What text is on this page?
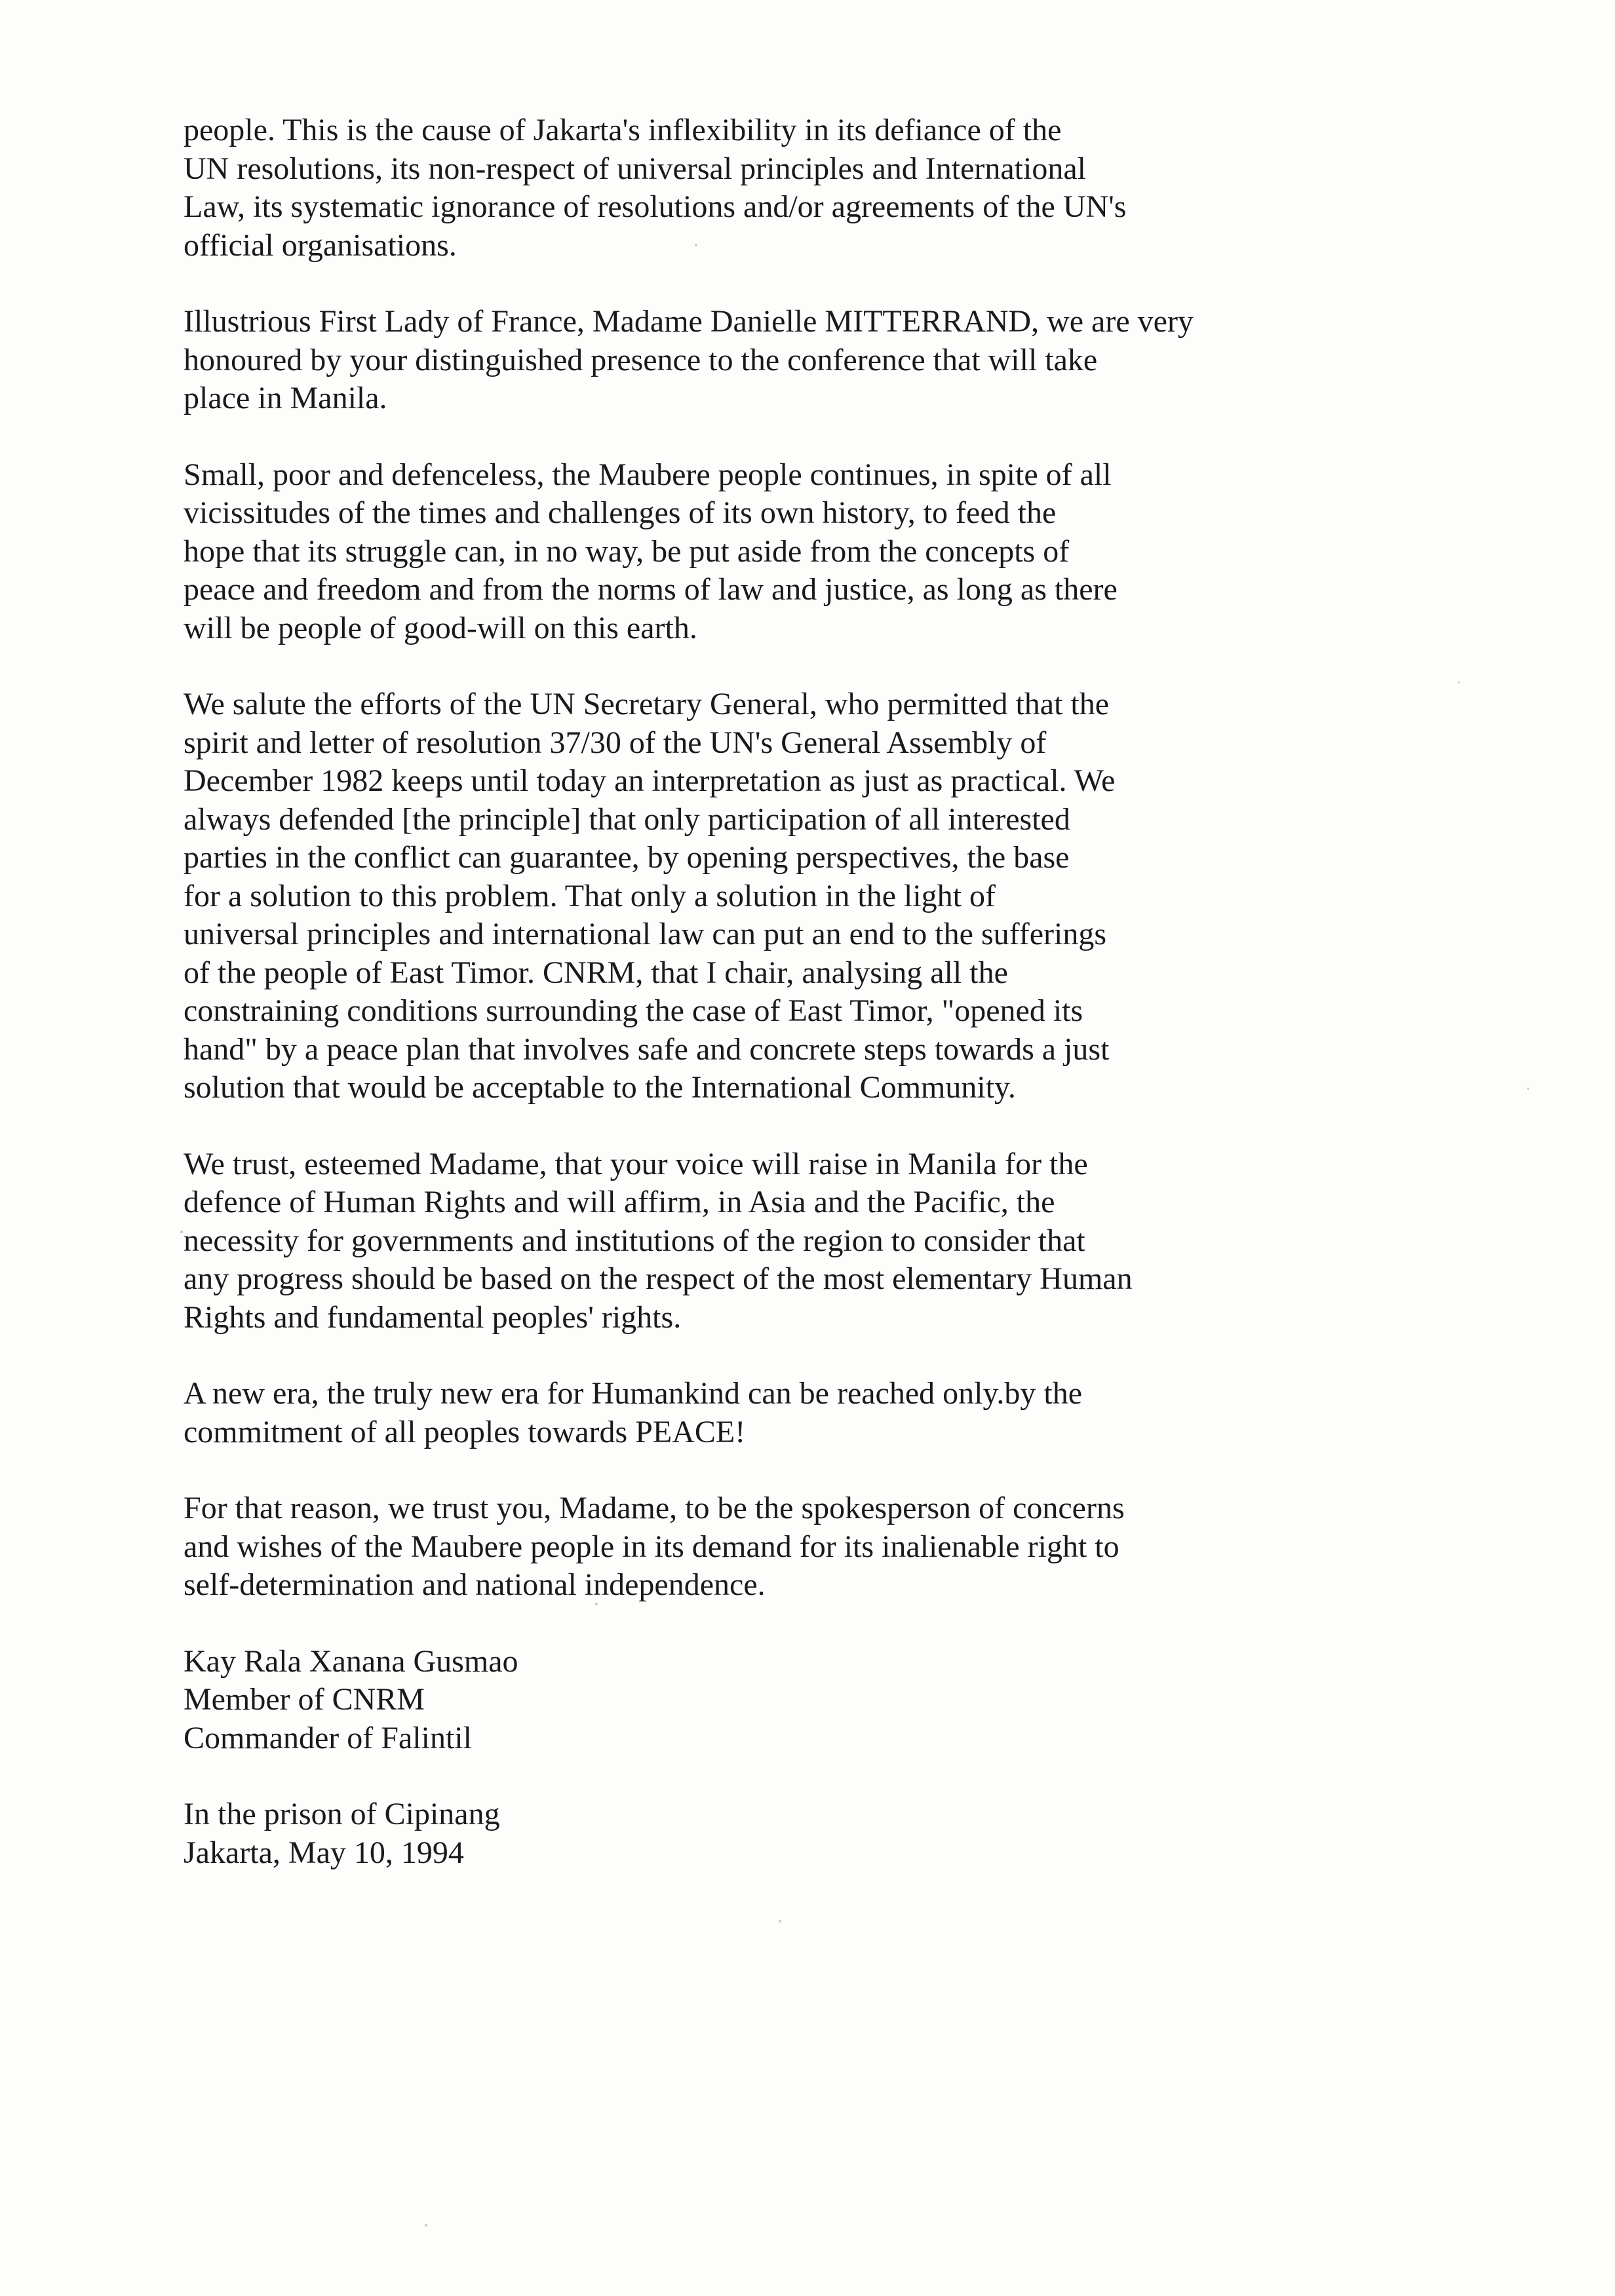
people. This is the cause of Jakarta's inflexibility in its defiance of the
UN resolutions, its non-respect of universal principles and International
Law, its systematic ignorance of resolutions and/or agreements of the UN's
official organisations.

Illustrious First Lady of France, Madame Danielle MITTERRAND, we are very
honoured by your distinguished presence to the conference that will take
place in Manila.

Small, poor and defenceless, the Maubere people continues, in spite of all
vicissitudes of the times and challenges of its own history, to feed the
hope that its struggle can, in no way, be put aside from the concepts of
peace and freedom and from the norms of law and justice, as long as there
will be people of good-will on this earth.

We salute the efforts of the UN Secretary General, who permitted that the
spirit and letter of resolution 37/30 of the UN's General Assembly of
December 1982 keeps until today an interpretation as just as practical. We
always defended [the principle] that only participation of all interested
parties in the conflict can guarantee, by opening perspectives, the base
for a solution to this problem. That only a solution in the light of
universal principles and international law can put an end to the sufferings
of the people of East Timor. CNRM, that I chair, analysing all the
constraining conditions surrounding the case of East Timor, "opened its
hand" by a peace plan that involves safe and concrete steps towards a just
solution that would be acceptable to the International Community.

We trust, esteemed Madame, that your voice will raise in Manila for the
defence of Human Rights and will affirm, in Asia and the Pacific, the
necessity for governments and institutions of the region to consider that
any progress should be based on the respect of the most elementary Human
Rights and fundamental peoples' rights.

A new era, the truly new era for Humankind can be reached only.by the
commitment of all peoples towards PEACE!

For that reason, we trust you, Madame, to be the spokesperson of concerns
and wishes of the Maubere people in its demand for its inalienable right to
self-determination and national independence.

Kay Rala Xanana Gusmao
Member of CNRM
Commander of Falintil
In the prison of Cipinang
Jakarta, May 10, 1994
